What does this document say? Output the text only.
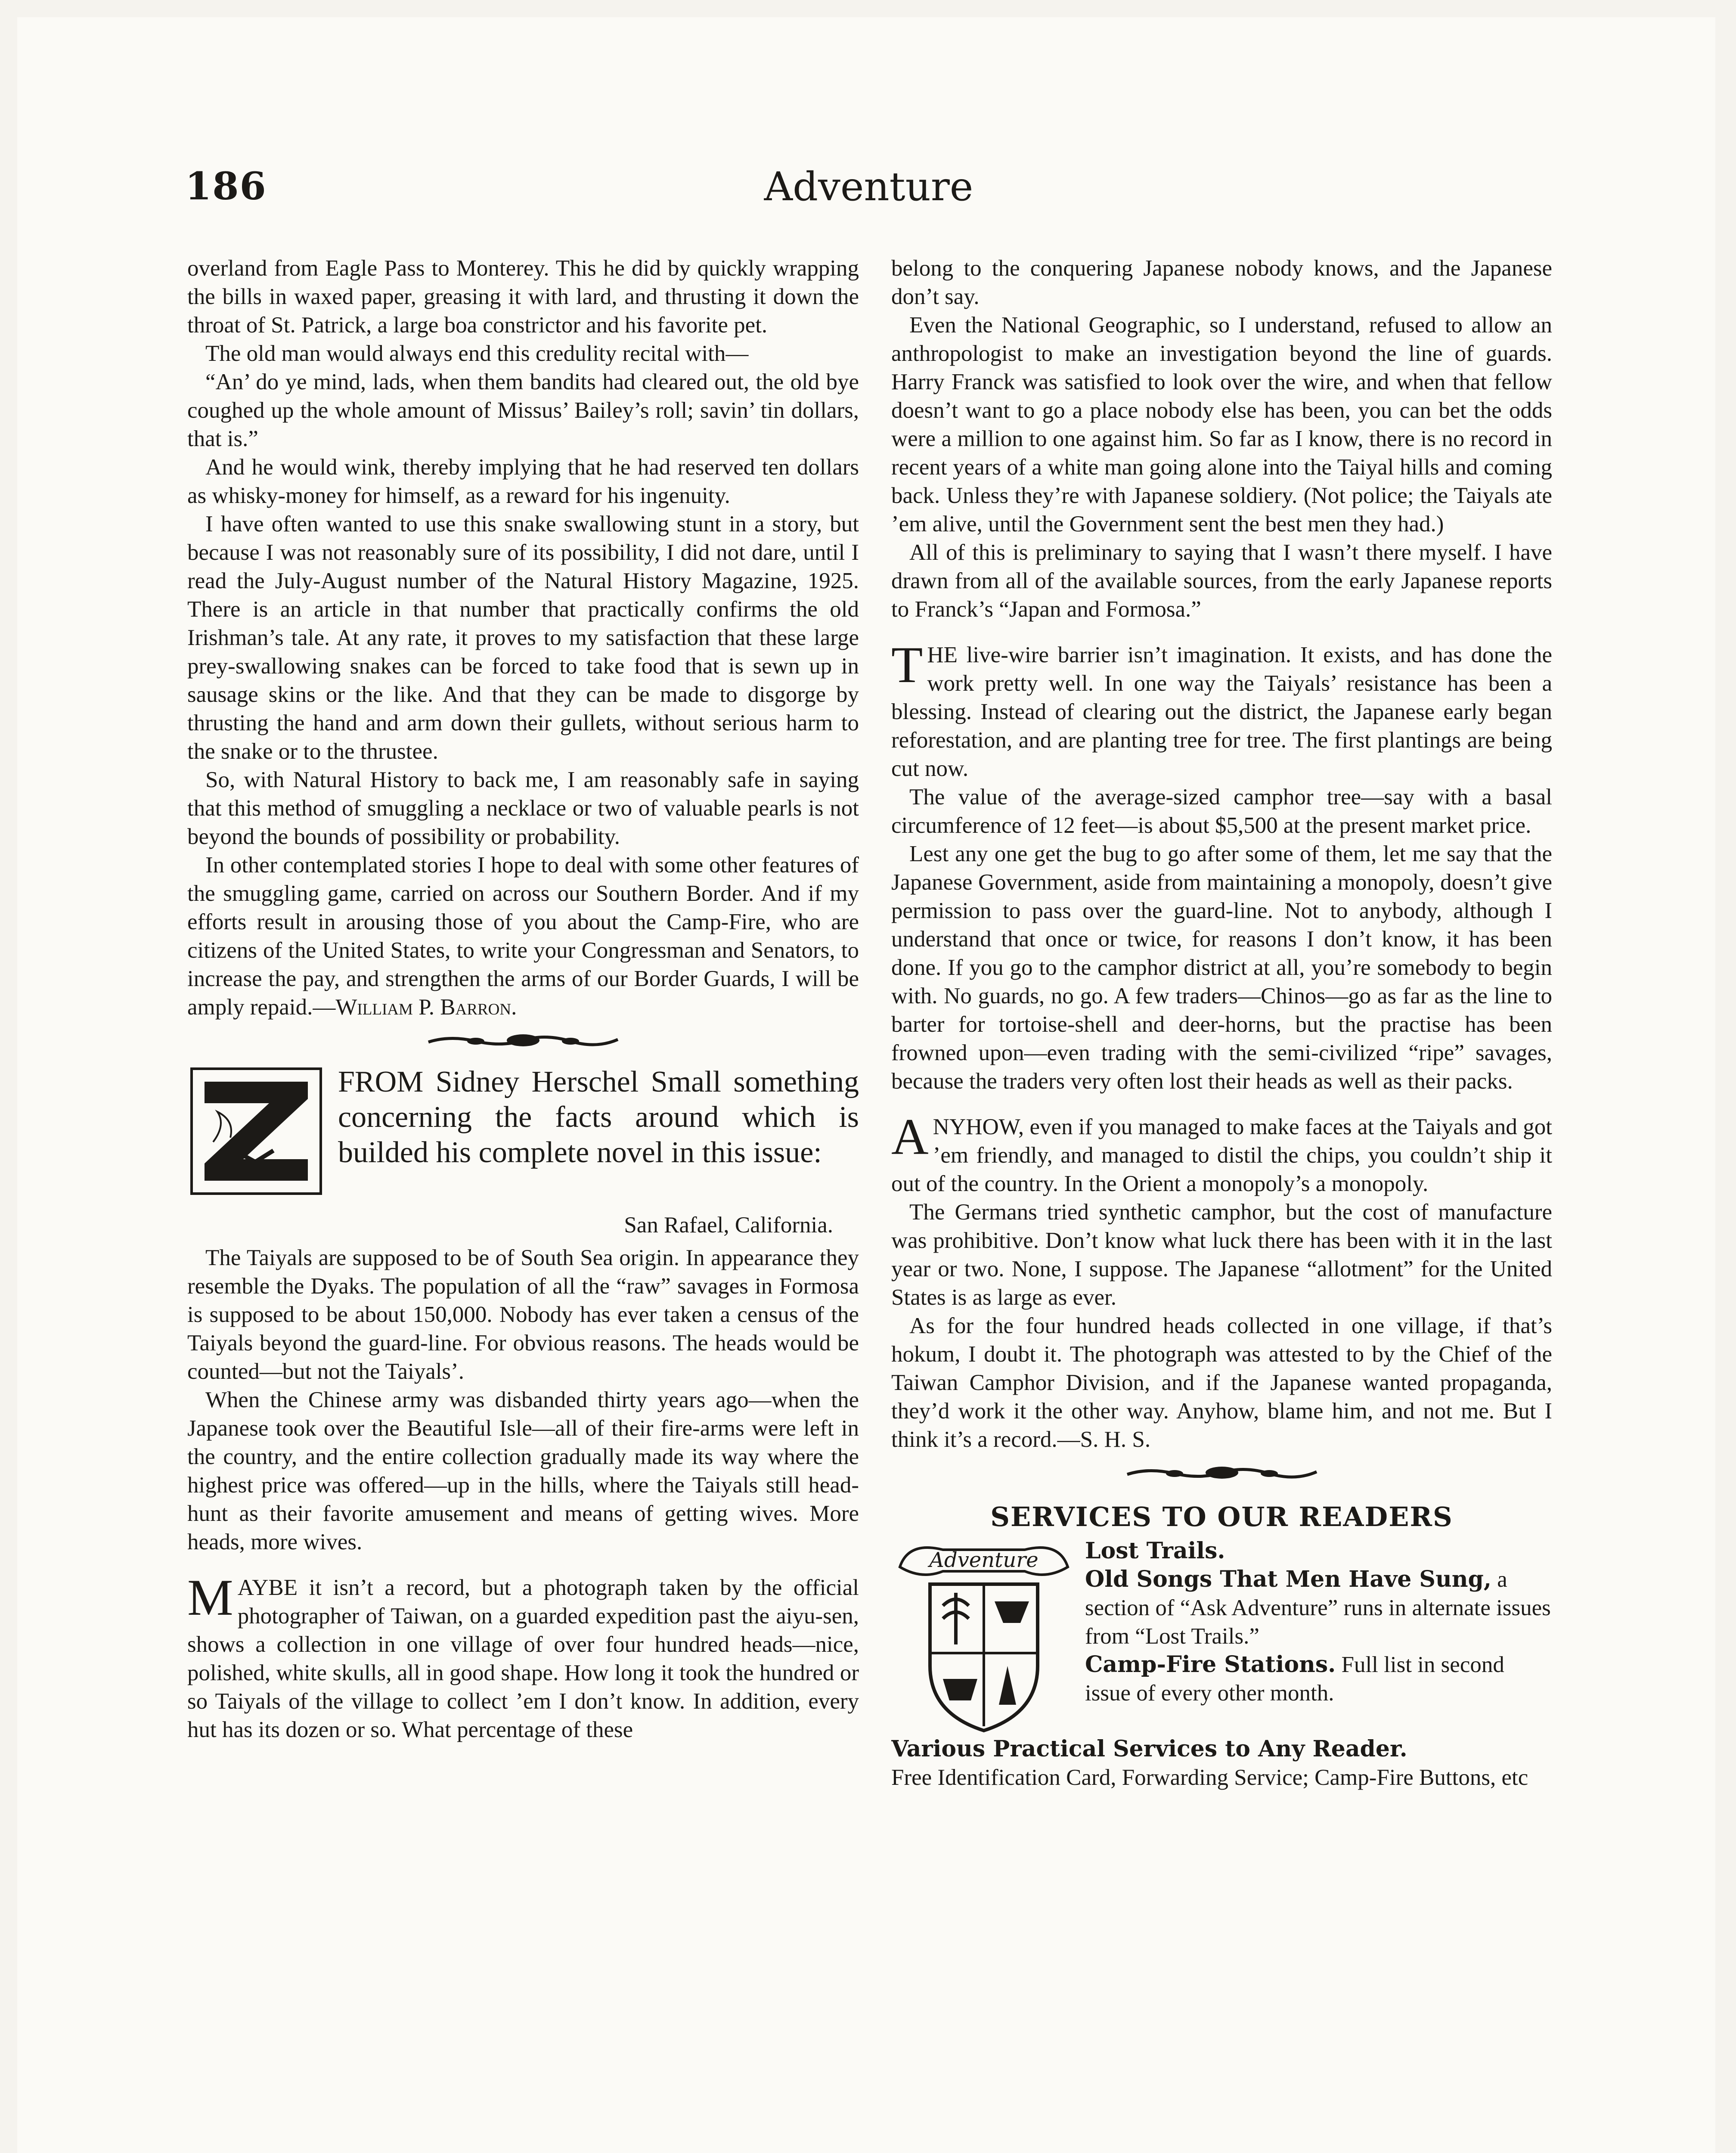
186	Adventure

overland from Eagle Pass to Monterey. This he did by quickly wrapping the bills in waxed paper, greasing it with lard, and thrusting it down the throat of St. Patrick, a large boa constrictor and his favorite pet.

The old man would always end this credulity recital with—

“An’ do ye mind, lads, when them bandits had cleared out, the old bye coughed up the whole amount of Missus’ Bailey’s roll; savin’ tin dollars, that is.”

And he would wink, thereby implying that he had reserved ten dollars as whisky-money for himself, as a reward for his ingenuity.

I have often wanted to use this snake swallowing stunt in a story, but because I was not reasonably sure of its possibility, I did not dare, until I read the July-August number of the Natural History Magazine, 1925. There is an article in that number that practically confirms the old Irishman’s tale. At any rate, it proves to my satisfaction that these large prey-swallowing snakes can be forced to take food that is sewn up in sausage skins or the like. And that they can be made to disgorge by thrusting the hand and arm down their gullets, without serious harm to the snake or to the thrustee.

So, with Natural History to back me, I am reasonably safe in saying that this method of smuggling a necklace or two of valuable pearls is not beyond the bounds of possibility or probability.

In other contemplated stories I hope to deal with some other features of the smuggling game, carried on across our Southern Border. And if my efforts result in arousing those of you about the Camp-Fire, who are citizens of the United States, to write your Congressman and Senators, to increase the pay, and strengthen the arms of our Border Guards, I will be amply repaid.—William P. Barron.

FROM Sidney Herschel Small something concerning the facts around which is builded his complete novel in this issue:
San Rafael, California.

The Taiyals are supposed to be of South Sea origin. In appearance they resemble the Dyaks. The population of all the “raw” savages in Formosa is supposed to be about 150,000. Nobody has ever taken a census of the Taiyals beyond the guard-line. For obvious reasons. The heads would be counted—but not the Taiyals’.

When the Chinese army was disbanded thirty years ago—when the Japanese took over the Beautiful Isle—all of their fire-arms were left in the country, and the entire collection gradually made its way where the highest price was offered—up in the hills, where the Taiyals still head-hunt as their favorite amusement and means of getting wives. More heads, more wives.

MAYBE it isn’t a record, but a photograph taken by the official photographer of Taiwan, on a guarded expedition past the aiyu-sen, shows a collection in one village of over four hundred heads—nice, polished, white skulls, all in good shape. How long it took the hundred or so Taiyals of the village to collect ’em I don’t know. In addition, every hut has its dozen or so. What percentage of these

belong to the conquering Japanese nobody knows, and the Japanese don’t say.

Even the National Geographic, so I understand, refused to allow an anthropologist to make an investigation beyond the line of guards. Harry Franck was satisfied to look over the wire, and when that fellow doesn’t want to go a place nobody else has been, you can bet the odds were a million to one against him. So far as I know, there is no record in recent years of a white man going alone into the Taiyal hills and coming back. Unless they’re with Japanese soldiery. (Not police; the Taiyals ate ’em alive, until the Government sent the best men they had.)

All of this is preliminary to saying that I wasn’t there myself. I have drawn from all of the available sources, from the early Japanese reports to Franck’s “Japan and Formosa.”

THE live-wire barrier isn’t imagination. It exists, and has done the work pretty well. In one way the Taiyals’ resistance has been a blessing. Instead of clearing out the district, the Japanese early began reforestation, and are planting tree for tree. The first plantings are being cut now.

The value of the average-sized camphor tree—say with a basal circumference of 12 feet—is about $5,500 at the present market price.

Lest any one get the bug to go after some of them, let me say that the Japanese Government, aside from maintaining a monopoly, doesn’t give permission to pass over the guard-line. Not to anybody, although I understand that once or twice, for reasons I don’t know, it has been done. If you go to the camphor district at all, you’re somebody to begin with. No guards, no go. A few traders—Chinos—go as far as the line to barter for tortoise-shell and deer-horns, but the practise has been frowned upon—even trading with the semi-civilized “ripe” savages, because the traders very often lost their heads as well as their packs.

ANYHOW, even if you managed to make faces at the Taiyals and got ’em friendly, and managed to distil the chips, you couldn’t ship it out of the country. In the Orient a monopoly’s a monopoly.

The Germans tried synthetic camphor, but the cost of manufacture was prohibitive. Don’t know what luck there has been with it in the last year or two. None, I suppose. The Japanese “allotment” for the United States is as large as ever.

As for the four hundred heads collected in one village, if that’s hokum, I doubt it. The photograph was attested to by the Chief of the Taiwan Camphor Division, and if the Japanese wanted propaganda, they’d work it the other way. Anyhow, blame him, and not me. But I think it’s a record.—S. H. S.

SERVICES TO OUR READERS
Adventure	Lost Trails.
Old Songs That Men Have Sung, a section of “Ask Adventure” runs in alternate issues from “Lost Trails.”
Camp-Fire Stations. Full list in second issue of every other month.
Various Practical Services to Any Reader.
Free Identification Card, Forwarding Service; Camp-Fire Buttons, etc
